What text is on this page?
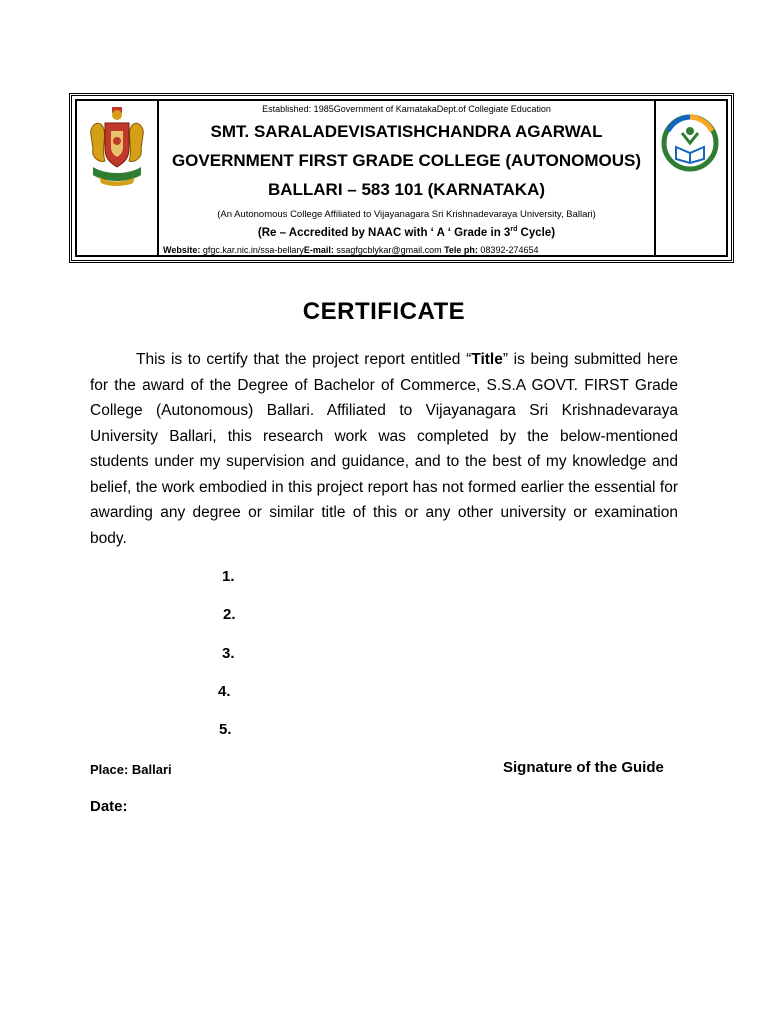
Established: 1985Government of KarnatakaDept.of Collegiate Education
SMT. SARALADEVISATISHCHANDRA AGARWAL
GOVERNMENT FIRST GRADE COLLEGE (AUTONOMOUS)
BALLARI – 583 101 (KARNATAKA)
(An Autonomous College Affiliated to Vijayanagara Sri Krishnadevaraya University, Ballari)
(Re – Accredited by NAAC with ‘ A ‘ Grade in 3rd Cycle)
Website: gfgc.kar.nic.in/ssa-bellaryE-mail: ssagfgcblykar@gmail.com Tele ph: 08392-274654
CERTIFICATE
This is to certify that the project report entitled “Title” is being submitted here for the award of the Degree of Bachelor of Commerce, S.S.A GOVT. FIRST Grade College (Autonomous) Ballari. Affiliated to Vijayanagara Sri Krishnadevaraya University Ballari, this research work was completed by the below-mentioned students under my supervision and guidance, and to the best of my knowledge and belief, the work embodied in this project report has not formed earlier the essential for awarding any degree or similar title of this or any other university or examination body.
1.
2.
3.
4.
5.
Place: Ballari	Signature of the Guide
Date:
